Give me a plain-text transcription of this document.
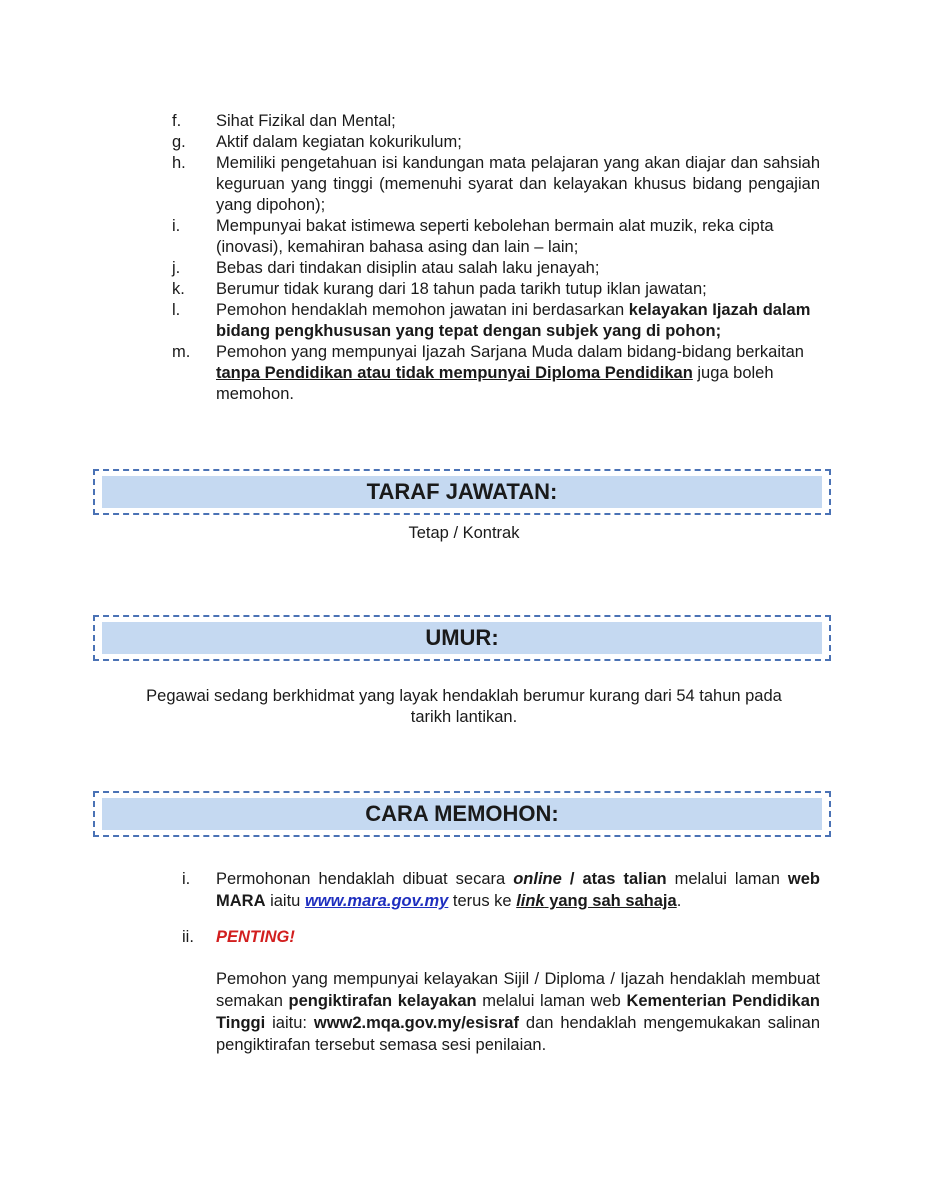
f.	Sihat Fizikal dan Mental;
g.	Aktif dalam kegiatan kokurikulum;
h.	Memiliki pengetahuan isi kandungan mata pelajaran yang akan diajar dan sahsiah keguruan yang tinggi (memenuhi syarat dan kelayakan khusus bidang pengajian yang dipohon);
i.	Mempunyai bakat istimewa seperti kebolehan bermain alat muzik, reka cipta (inovasi), kemahiran bahasa asing dan lain – lain;
j.	Bebas dari tindakan disiplin atau salah laku jenayah;
k.	Berumur tidak kurang dari 18 tahun pada tarikh tutup iklan jawatan;
l.	Pemohon hendaklah memohon jawatan ini berdasarkan kelayakan Ijazah dalam bidang pengkhususan yang tepat dengan subjek yang di pohon;
m.	Pemohon yang mempunyai Ijazah Sarjana Muda dalam bidang-bidang berkaitan tanpa Pendidikan atau tidak mempunyai Diploma Pendidikan juga boleh memohon.
TARAF JAWATAN:
Tetap / Kontrak
UMUR:
Pegawai sedang berkhidmat yang layak hendaklah berumur kurang dari 54 tahun pada
tarikh lantikan.
CARA MEMOHON:
i.	Permohonan hendaklah dibuat secara online / atas talian melalui laman web MARA iaitu www.mara.gov.my terus ke link yang sah sahaja.
ii.	PENTING!
Pemohon yang mempunyai kelayakan Sijil / Diploma / Ijazah hendaklah membuat semakan pengiktirafan kelayakan melalui laman web Kementerian Pendidikan Tinggi iaitu: www2.mqa.gov.my/esisraf dan hendaklah mengemukakan salinan pengiktirafan tersebut semasa sesi penilaian.
